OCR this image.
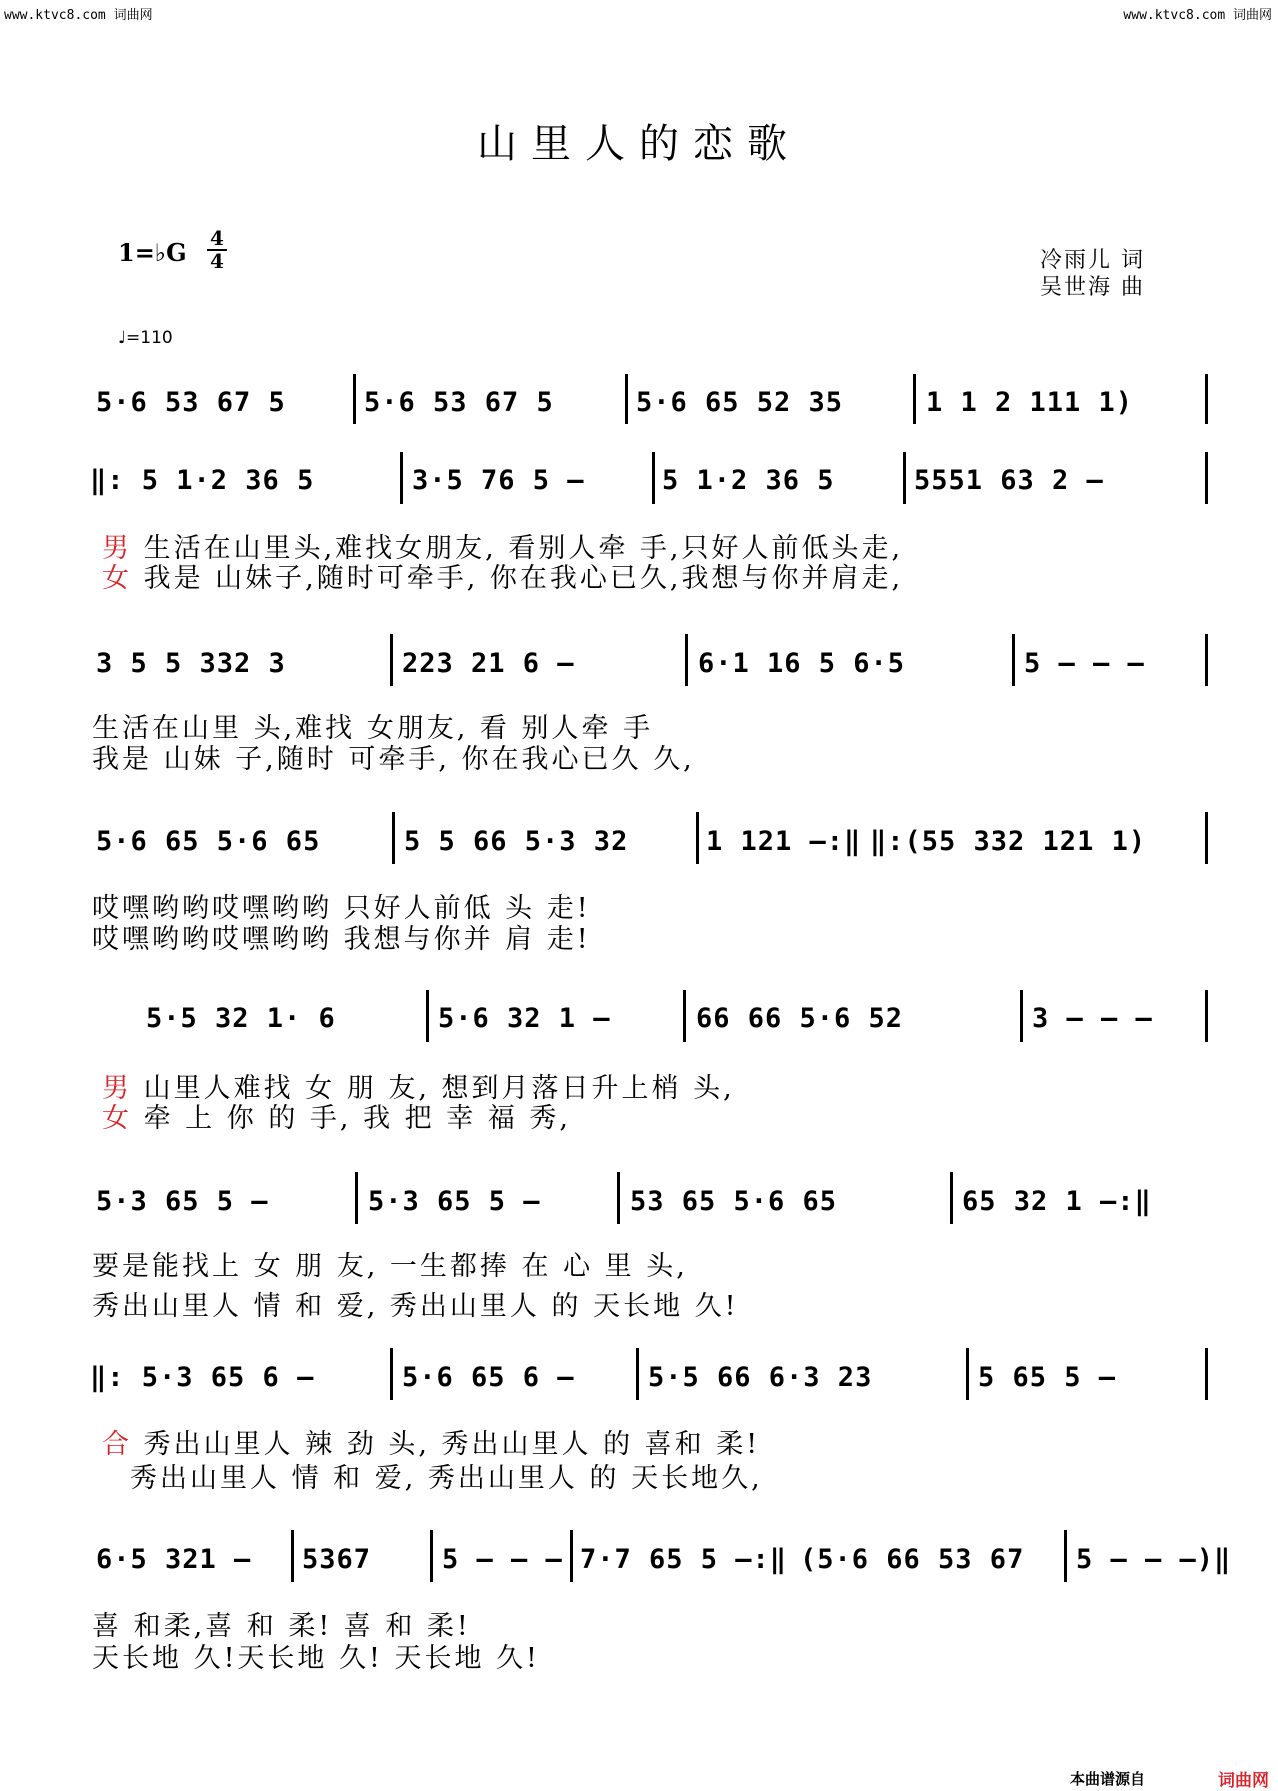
www.ktvc8.com 词曲网	www.ktvc8.com 词曲网
山里人的恋歌
1=♭G 4
4	冷雨儿 词
吴世海 曲
♩=110
5·6 53 67 5	5·6 53 67 5	5·6 65 52 35	1 1 2 111 1)
‖: 5 1·2 36 5	3·5 76 5 –	5 1·2 36 5	5551 63 2 –
男 生活在山里头,难找女朋友, 看别人牵 手,只好人前低头走,
女 我是 山妹子,随时可牵手, 你在我心已久,我想与你并肩走,
3 5 5 332 3	223 21 6 –	6·1 16 5 6·5	5 – – –
生活在山里 头,难找 女朋友, 看 别人牵 手
我是 山妹 子,随时 可牵手, 你在我心已久 久,
5·6 65 5·6 65	5 5 66 5·3 32	1 121 –:‖ ‖:(55 332 121 1)
哎嘿哟哟哎嘿哟哟 只好人前低 头 走!
哎嘿哟哟哎嘿哟哟 我想与你并 肩 走!
5·5 32 1· 6	5·6 32 1 –	66 66 5·6 52	3 – – –
男 山里人难找 女 朋 友, 想到月落日升上梢 头,
女 牵 上 你 的 手, 我 把 幸 福 秀,
5·3 65 5 –	5·3 65 5 –	53 65 5·6 65	65 32 1 –:‖
要是能找上 女 朋 友, 一生都捧 在 心 里 头,
秀出山里人 情 和 爱, 秀出山里人 的 天长地 久!
‖: 5·3 65 6 –	5·6 65 6 –	5·5 66 6·3 23	5 65 5 –
合 秀出山里人 辣 劲 头, 秀出山里人 的 喜和 柔!
秀出山里人 情 和 爱, 秀出山里人 的 天长地久,
6·5 321 – 5367	5 – – – 7·7 65 5 –:‖ (5·6 66 53 67 5 – – –)‖
喜 和柔,喜 和 柔! 喜 和 柔!
天长地 久!天长地 久! 天长地 久!
本曲谱源自	词曲网
